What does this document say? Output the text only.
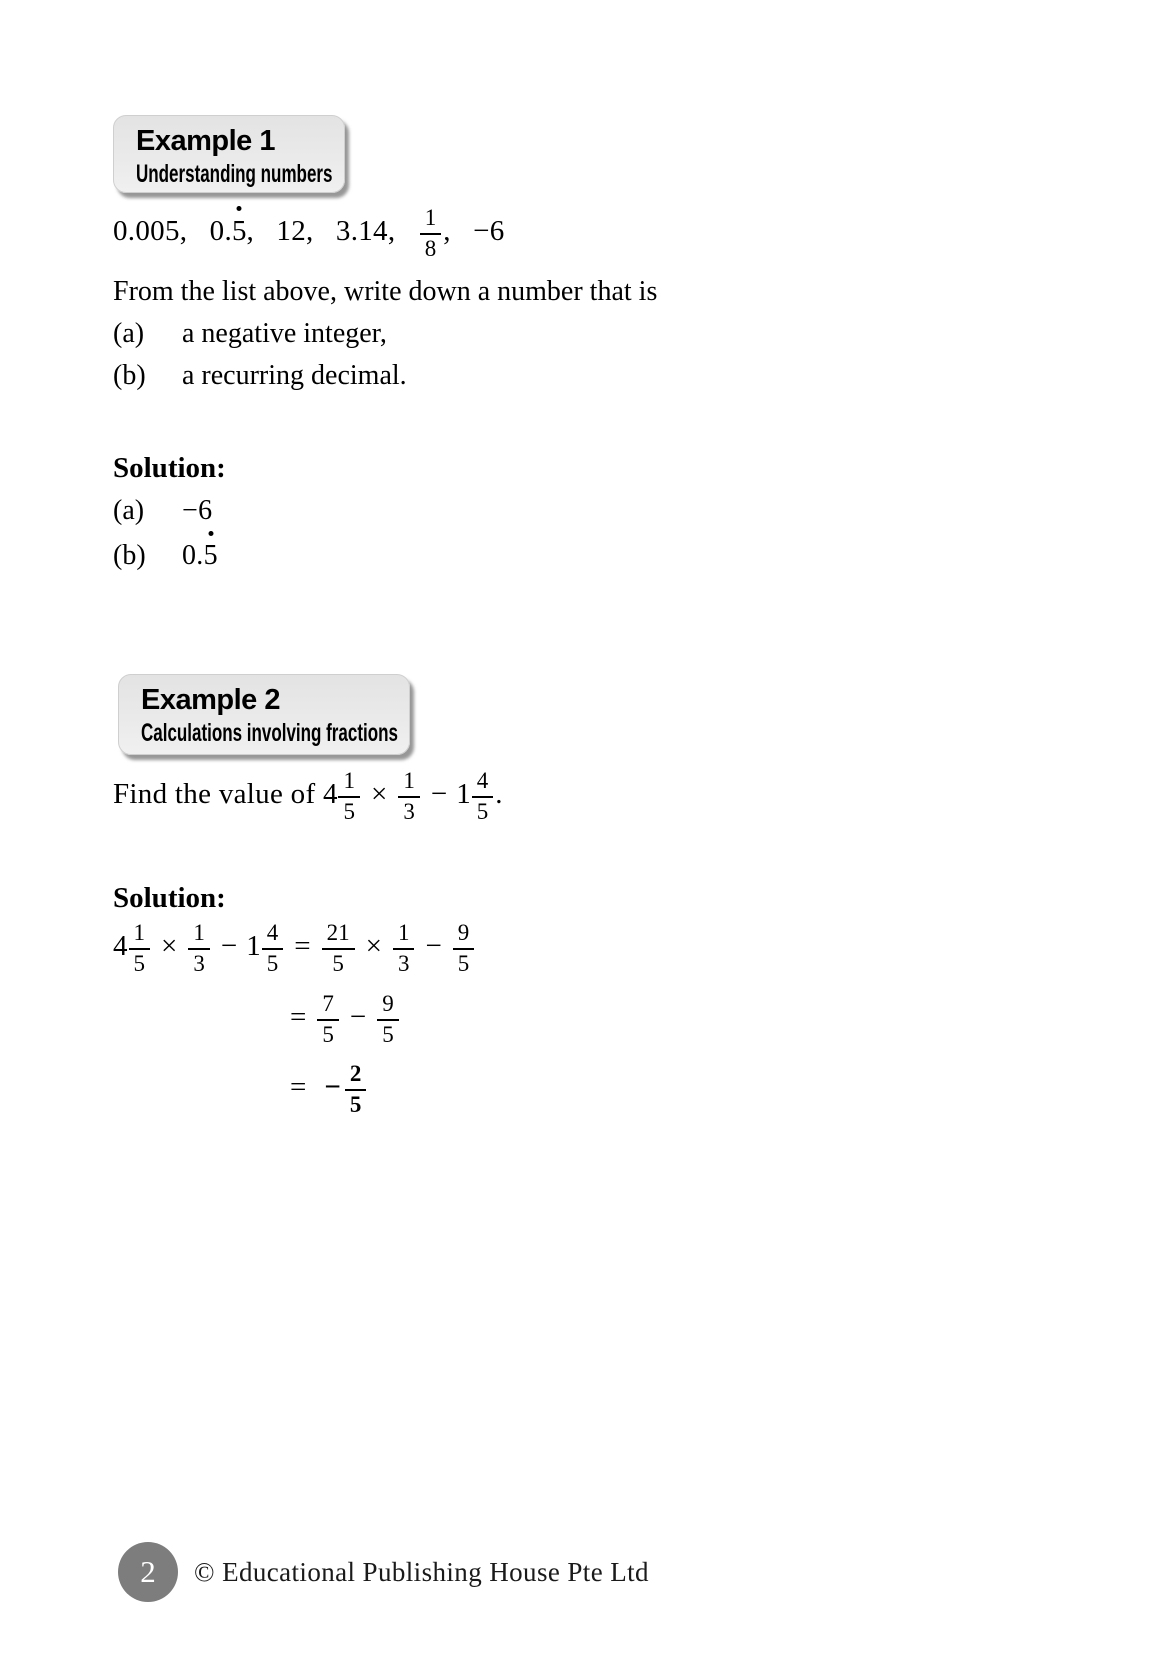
Example 1
Understanding numbers
0.005,  0.5
,  12,  3.14,  $\frac{1}{8}$ ,  −6
From the list above, write down a number that is
(a)	a negative integer,
(b)	a recurring decimal.
Solution:
(a)	−6
(b)	0.5
Example 2
Calculations involving fractions
Find the value of $4 \frac{1}{5} \times \frac{1}{3} - 1 \frac{4}{5}$ .
Solution:
$4 \frac{1}{5} \times \frac{1}{3} - 1 \frac{4}{5} = \frac{21}{5} \times \frac{1}{3} - \frac{9}{5}$
= $\frac{7}{5} - \frac{9}{5}$
= − $\frac{2}{5}$
2 © Educational Publishing House Pte Ltd
